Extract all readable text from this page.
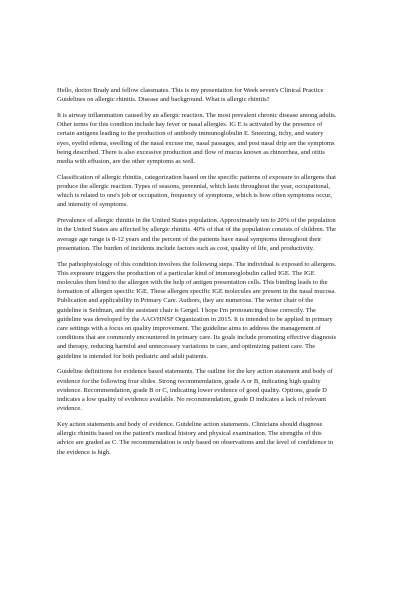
Hello, doctor Brady and fellow classmates. This is my presentation for Week seven's Clinical Practice Guidelines on allergic rhinitis. Disease and background. What is allergic rhinitis?

It is airway inflammation caused by an allergic reaction. The most prevalent chronic disease among adults. Other terms for this conditon include hay fever or nasal allergies. IG E is activated by the presence of certain antigens leading to the production of antibody immunoglobulin E. Sneezing, itchy, and watery eyes, eyelid edema, swelling of the nasal excuse me, nasal passages, and post nasal drip are the symptoms being described. There is also excessive production and flow of mucus known as rhinorrhea, and otitis media with effusion, are the other symptoms as well.

Classification of allergic rhinitis, categorization based on the specific patterns of exposure to allergens that produce the allergic reaction. Types of seasons, perennial, which lasts throughout the year, occupational, which is related to one's job or occupation, frequency of symptoms, which is how often symptoms occur, and intensity of symptoms.

Prevalence of allergic rhinitis in the United States population. Approximately ten to 20% of the population in the United States are affected by allergic rhinitis. 40% of that of the population consists of children. The average age range is 8-12 years and the percent of the patients have nasal symptoms throughout their presentation. The burden of incidents include factors such as cost, quality of life, and productivity.

The pathophysiology of this condition involves the following steps. The individual is exposed to allergens. This exposure triggers the production of a particular kind of immunoglobulin called IGE. The IGE molecules then bind to the allergen with the help of antigen presentation cells. This binding leads to the formation of allergen specific IGE. These allergen specific IGE molecules are present in the nasal mucosa. Publication and applicability in Primary Care. Authors, they are numerous. The writer chair of the guideline is Seidman, and the assistant chair is Gergel. I hope I'm pronouncing those correctly. The guideline was developed by the AAO/HNSF Organization in 2015. It is intended to be applied in primary care settings with a focus on quality improvement. The guideline aims to address the management of conditions that are commonly encountered in primary care. Its goals include promoting effective diagnosis and therapy, reducing harmful and unnecessary variations in care, and optimizing patient care. The guideline is intended for both pediatric and adult patients.

Guideline definitions for evidence based statements. The outline for the key action statement and body of evidence for the following four slides. Strong recommendation, grade A or B, indicating high quality evidence. Recommendation, grade B or C, indicating lower evidence of good quality. Options, grade D indicates a low quality of evidence available. No recommendation, grade D indicates a lack of relevant evidence.

Key action statements and body of evidence. Guideline action statements. Clinicians should diagnose allergic rhinitis based on the patient's medical history and physical examination. The strengths of this advice are graded as C. The recommendation is only based on observations and the level of confidence in the evidence is high.
